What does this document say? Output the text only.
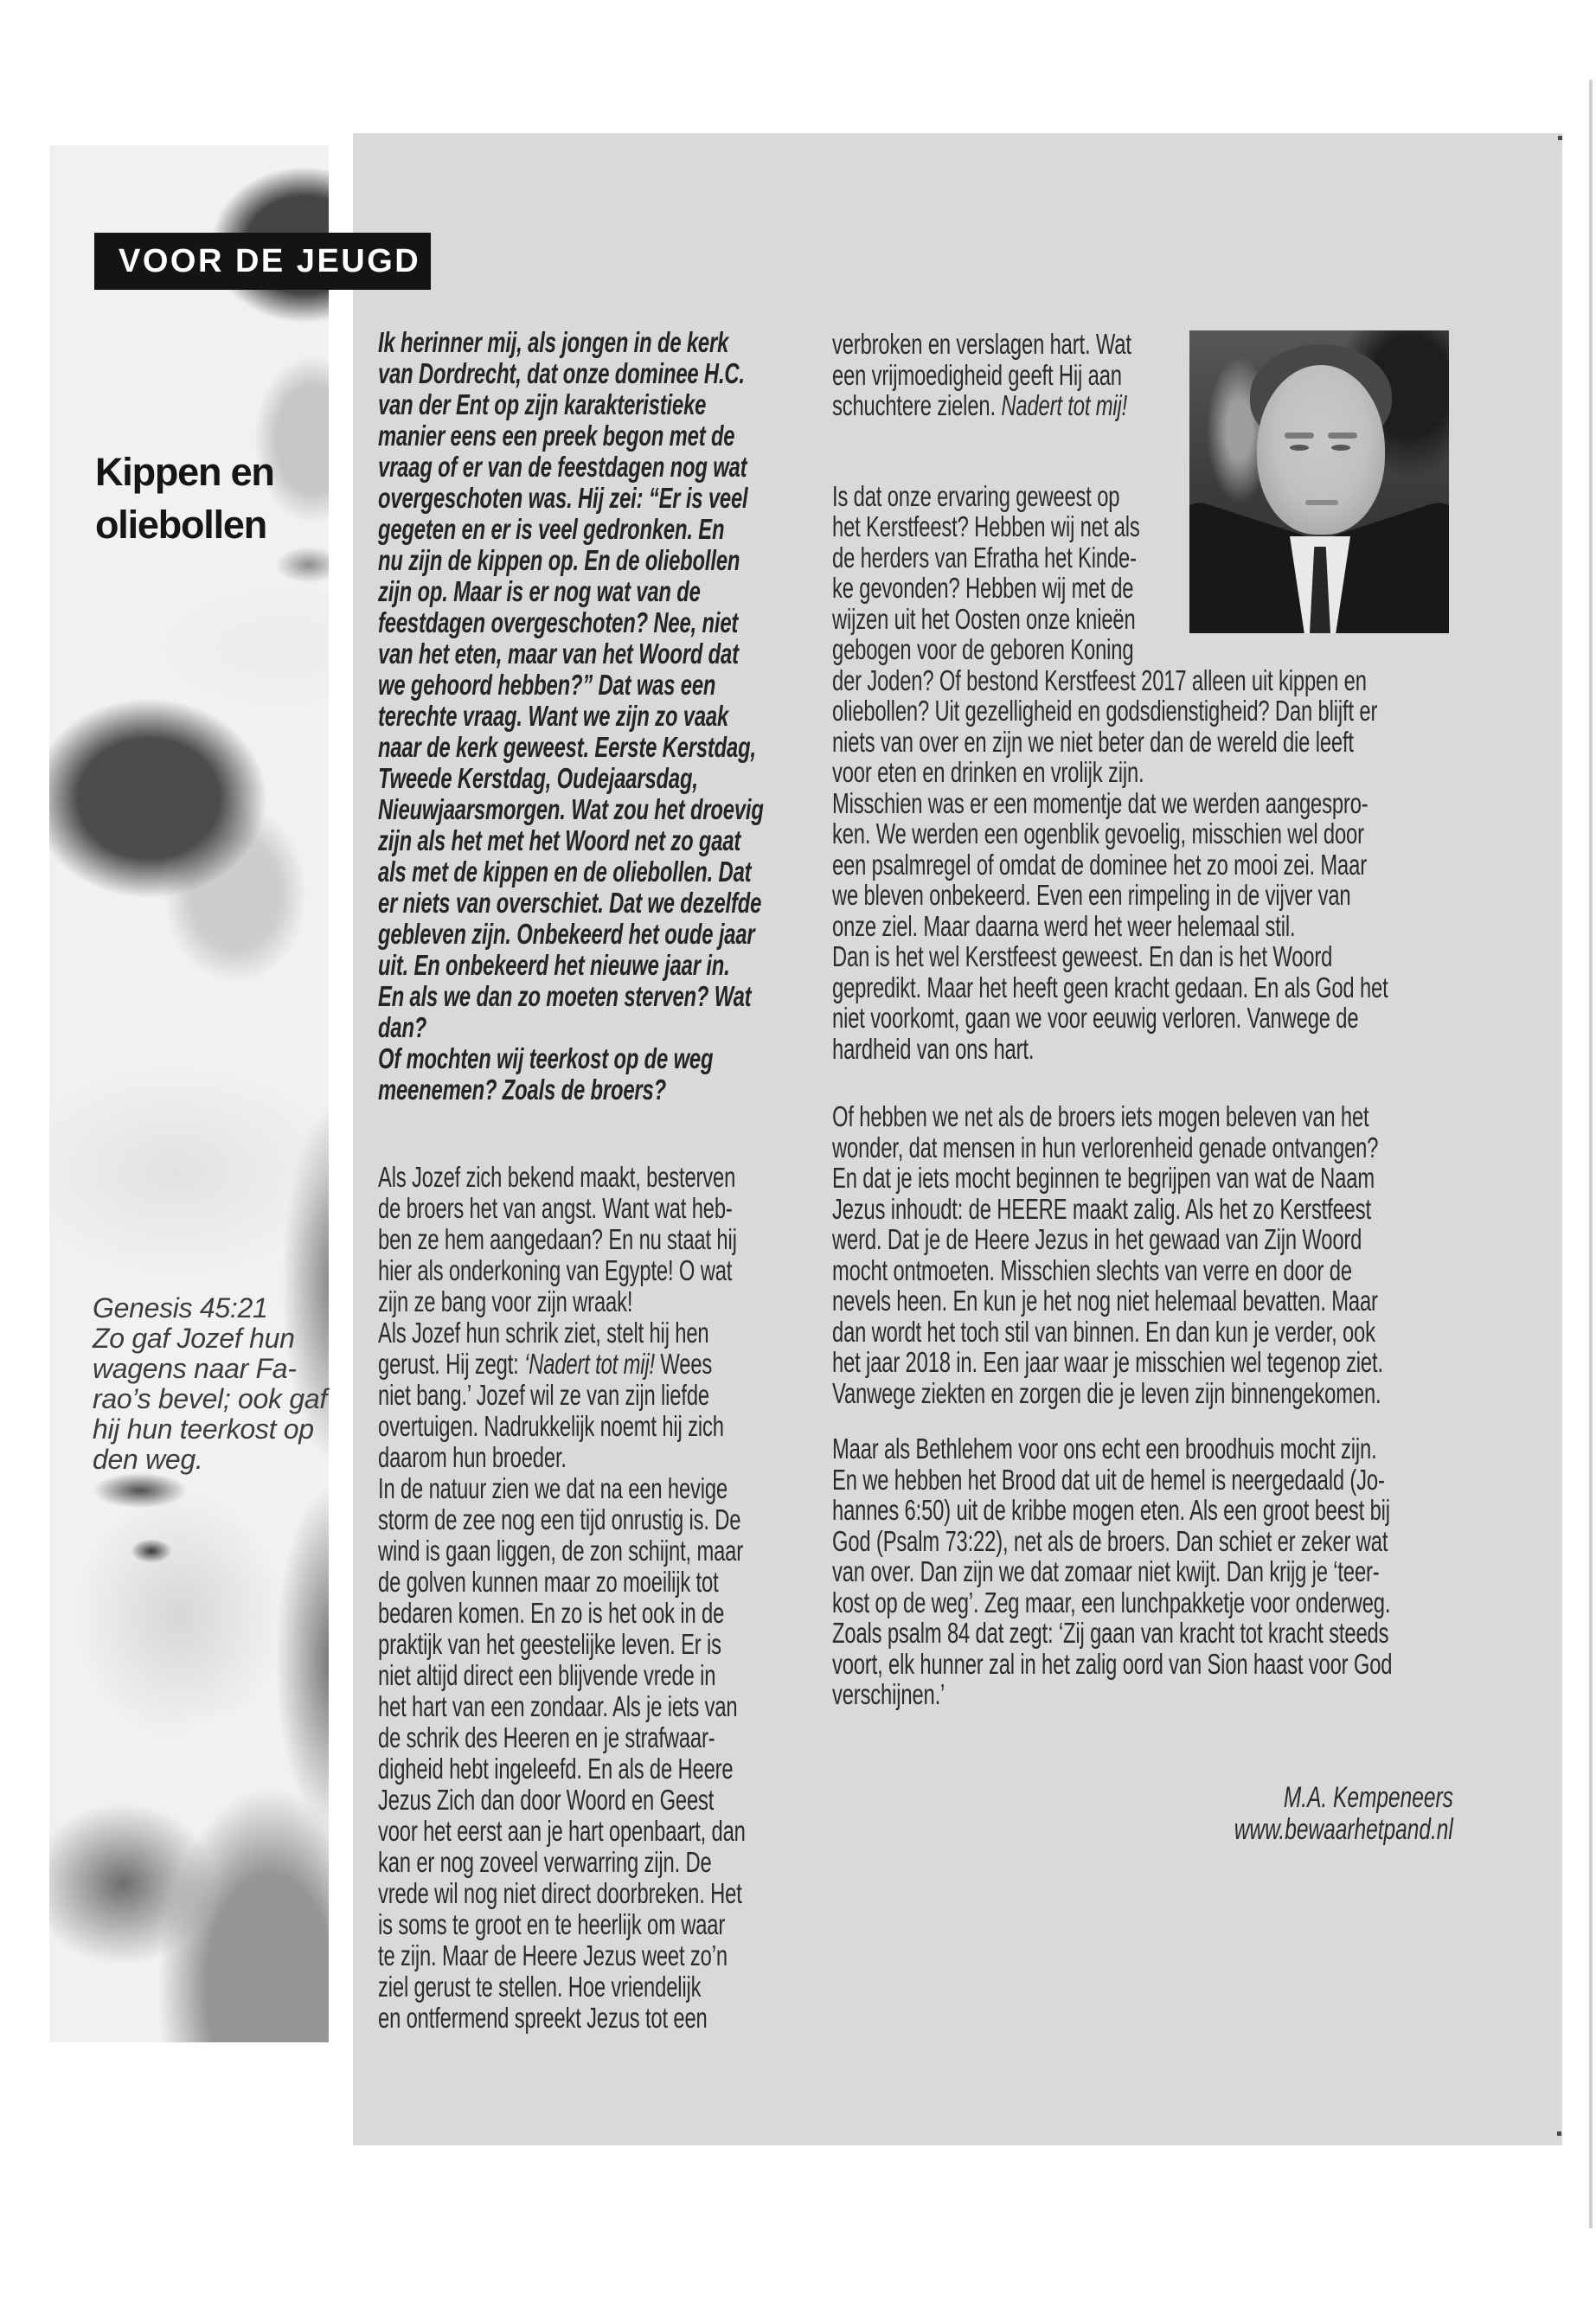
VOOR DE JEUGD
Kippen en
oliebollen
Genesis 45:21
Zo gaf Jozef hun
wagens naar Fa-
rao’s bevel; ook gaf
hij hun teerkost op
den weg.

Ik herinner mij, als jongen in de kerk
van Dordrecht, dat onze dominee H.C.
van der Ent op zijn karakteristieke
manier eens een preek begon met de
vraag of er van de feestdagen nog wat
overgeschoten was. Hij zei: “Er is veel
gegeten en er is veel gedronken. En
nu zijn de kippen op. En de oliebollen
zijn op. Maar is er nog wat van de
feestdagen overgeschoten? Nee, niet
van het eten, maar van het Woord dat
we gehoord hebben?” Dat was een
terechte vraag. Want we zijn zo vaak
naar de kerk geweest. Eerste Kerstdag,
Tweede Kerstdag, Oudejaarsdag,
Nieuwjaarsmorgen. Wat zou het droevig
zijn als het met het Woord net zo gaat
als met de kippen en de oliebollen. Dat
er niets van overschiet. Dat we dezelfde
gebleven zijn. Onbekeerd het oude jaar
uit. En onbekeerd het nieuwe jaar in.
En als we dan zo moeten sterven? Wat
dan?
Of mochten wij teerkost op de weg
meenemen? Zoals de broers?

Als Jozef zich bekend maakt, besterven
de broers het van angst. Want wat heb-
ben ze hem aangedaan? En nu staat hij
hier als onderkoning van Egypte! O wat
zijn ze bang voor zijn wraak!
Als Jozef hun schrik ziet, stelt hij hen
gerust. Hij zegt: ‘Nadert tot mij! Wees
niet bang.’ Jozef wil ze van zijn liefde
overtuigen. Nadrukkelijk noemt hij zich
daarom hun broeder.
In de natuur zien we dat na een hevige
storm de zee nog een tijd onrustig is. De
wind is gaan liggen, de zon schijnt, maar
de golven kunnen maar zo moeilijk tot
bedaren komen. En zo is het ook in de
praktijk van het geestelijke leven. Er is
niet altijd direct een blijvende vrede in
het hart van een zondaar. Als je iets van
de schrik des Heeren en je strafwaar-
digheid hebt ingeleefd. En als de Heere
Jezus Zich dan door Woord en Geest
voor het eerst aan je hart openbaart, dan
kan er nog zoveel verwarring zijn. De
vrede wil nog niet direct doorbreken. Het
is soms te groot en te heerlijk om waar
te zijn. Maar de Heere Jezus weet zo’n
ziel gerust te stellen. Hoe vriendelijk
en ontfermend spreekt Jezus tot een

verbroken en verslagen hart. Wat
een vrijmoedigheid geeft Hij aan
schuchtere zielen. Nadert tot mij!

Is dat onze ervaring geweest op
het Kerstfeest? Hebben wij net als
de herders van Efratha het Kinde-
ke gevonden? Hebben wij met de
wijzen uit het Oosten onze knieën
gebogen voor de geboren Koning
der Joden? Of bestond Kerstfeest 2017 alleen uit kippen en
oliebollen? Uit gezelligheid en godsdienstigheid? Dan blijft er
niets van over en zijn we niet beter dan de wereld die leeft
voor eten en drinken en vrolijk zijn.
Misschien was er een momentje dat we werden aangespro-
ken. We werden een ogenblik gevoelig, misschien wel door
een psalmregel of omdat de dominee het zo mooi zei. Maar
we bleven onbekeerd. Even een rimpeling in de vijver van
onze ziel. Maar daarna werd het weer helemaal stil.
Dan is het wel Kerstfeest geweest. En dan is het Woord
gepredikt. Maar het heeft geen kracht gedaan. En als God het
niet voorkomt, gaan we voor eeuwig verloren. Vanwege de
hardheid van ons hart.

Of hebben we net als de broers iets mogen beleven van het
wonder, dat mensen in hun verlorenheid genade ontvangen?
En dat je iets mocht beginnen te begrijpen van wat de Naam
Jezus inhoudt: de HEERE maakt zalig. Als het zo Kerstfeest
werd. Dat je de Heere Jezus in het gewaad van Zijn Woord
mocht ontmoeten. Misschien slechts van verre en door de
nevels heen. En kun je het nog niet helemaal bevatten. Maar
dan wordt het toch stil van binnen. En dan kun je verder, ook
het jaar 2018 in. Een jaar waar je misschien wel tegenop ziet.
Vanwege ziekten en zorgen die je leven zijn binnengekomen.

Maar als Bethlehem voor ons echt een broodhuis mocht zijn.
En we hebben het Brood dat uit de hemel is neergedaald (Jo-
hannes 6:50) uit de kribbe mogen eten. Als een groot beest bij
God (Psalm 73:22), net als de broers. Dan schiet er zeker wat
van over. Dan zijn we dat zomaar niet kwijt. Dan krijg je ‘teer-
kost op de weg’. Zeg maar, een lunchpakketje voor onderweg.
Zoals psalm 84 dat zegt: ‘Zij gaan van kracht tot kracht steeds
voort, elk hunner zal in het zalig oord van Sion haast voor God
verschijnen.’

M.A. Kempeneers
www.bewaarhetpand.nl
